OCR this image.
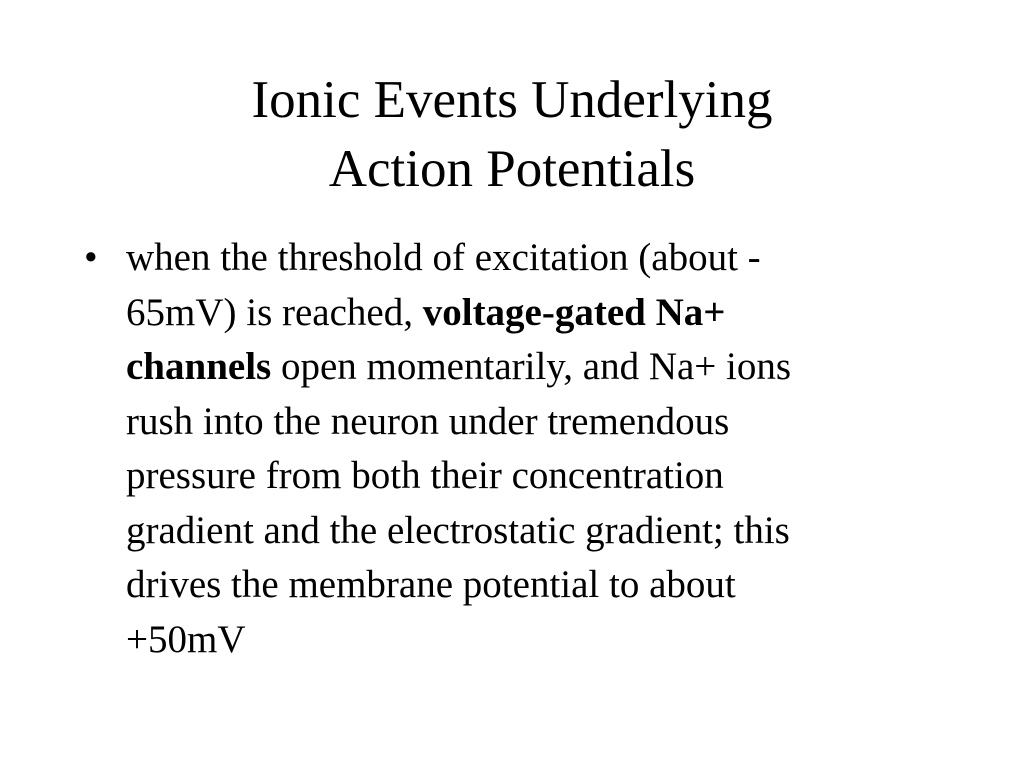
Ionic Events Underlying
Action Potentials
• when the threshold of excitation (about -
65mV) is reached, voltage-gated Na+
channels open momentarily, and Na+ ions
rush into the neuron under tremendous
pressure from both their concentration
gradient and the electrostatic gradient; this
drives the membrane potential to about
+50mV
